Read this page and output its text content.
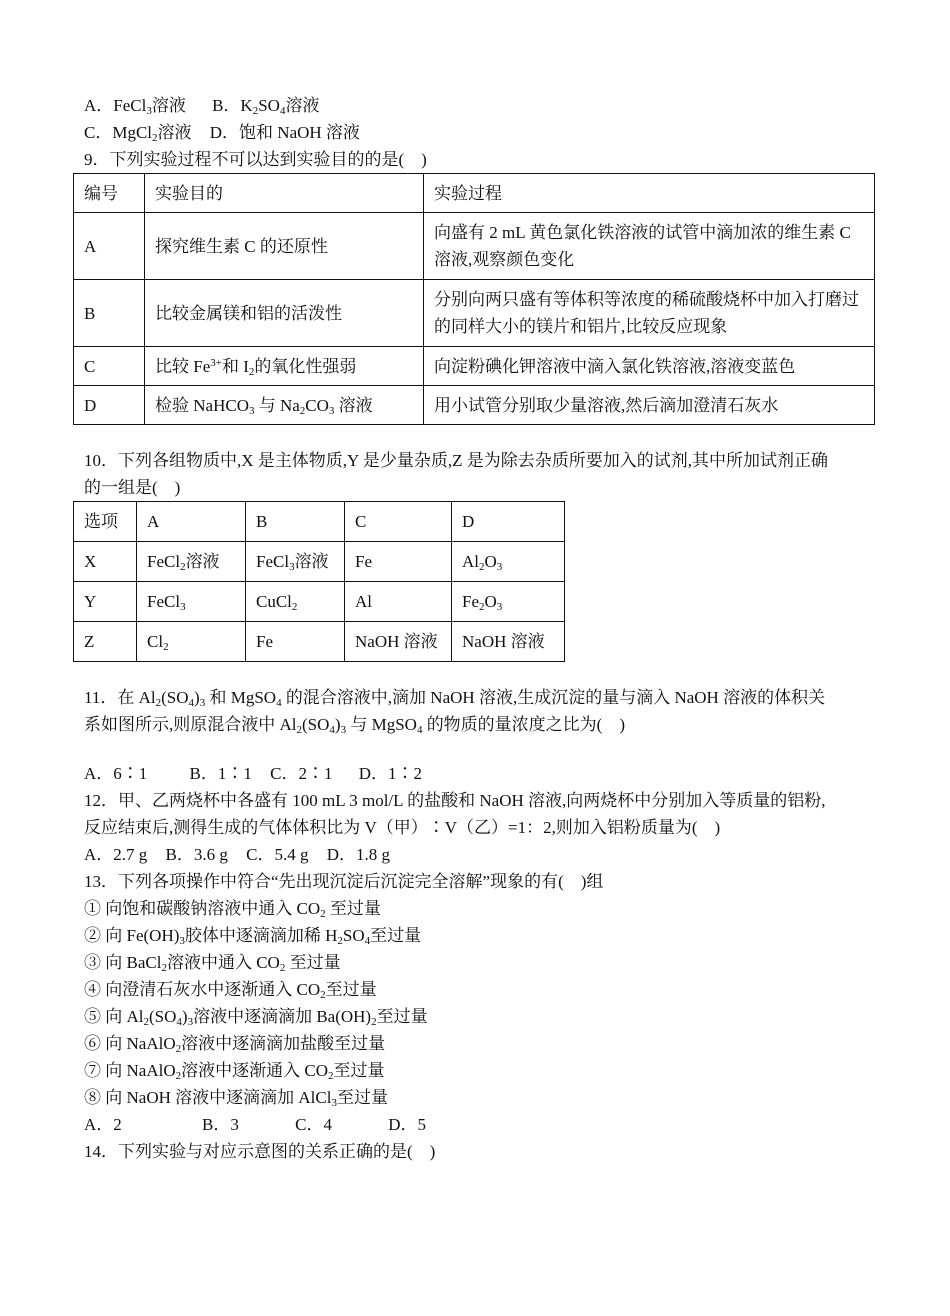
A．FeCl$_3$溶液 B．$K_2SO_4$溶液
C．MgCl$_2$溶液 D．饱和 NaOH 溶液
9．下列实验过程不可以达到实验目的的是(　)
编号	实验目的	实验过程
A	探究维生素 C 的还原性	向盛有 2 mL 黄色氯化铁溶液的试管中滴加浓的维生素 C 溶液,观察颜色变化
B	比较金属镁和铝的活泼性	分别向两只盛有等体积等浓度的稀硫酸烧杯中加入打磨过的同样大小的镁片和铝片,比较反应现象
C	比较 $Fe^{3+}$和 $I_2$的氧化性强弱	向淀粉碘化钾溶液中滴入氯化铁溶液,溶液变蓝色
D	检验 NaHCO$_3$ 与 $Na_2CO_3$ 溶液	用小试管分别取少量溶液,然后滴加澄清石灰水
10．下列各组物质中,X 是主体物质,Y 是少量杂质,Z 是为除去杂质所要加入的试剂,其中所加试剂正确
的一组是(　)
选项	A	B	C	D
X	FeCl$_2$溶液	FeCl$_3$溶液	Fe	$Al_2O_3$
Y	FeCl$_3$	CuCl$_2$	Al	$Fe_2O_3$
Z	$Cl_2$	Fe	NaOH 溶液	NaOH 溶液
11．在 $Al_2(SO_4)_3$ 和 MgSO$_4$ 的混合溶液中,滴加 NaOH 溶液,生成沉淀的量与滴入 NaOH 溶液的体积关
系如图所示,则原混合液中 $Al_2(SO_4)_3$ 与 MgSO$_4$ 的物质的量浓度之比为(　)
A．6∶1 B．1∶1 C．2∶1 D．1∶2
12．甲、乙两烧杯中各盛有 100 mL 3 mol/L 的盐酸和 NaOH 溶液,向两烧杯中分别加入等质量的铝粉,
反应结束后,测得生成的气体体积比为 V（甲）∶V（乙）=1：2,则加入铝粉质量为(　)
A．2.7 g B．3.6 g C．5.4 g D．1.8 g
13．下列各项操作中符合“先出现沉淀后沉淀完全溶解”现象的有(　)组
① 向饱和碳酸钠溶液中通入 $CO_2$ 至过量
② 向 $Fe(OH)_3$胶体中逐滴滴加稀 $H_2SO_4$至过量
③ 向 BaCl$_2$溶液中通入 $CO_2$ 至过量
④ 向澄清石灰水中逐渐通入 $CO_2$至过量
⑤ 向 $Al_2(SO_4)_3$溶液中逐滴滴加 $Ba(OH)_2$至过量
⑥ 向 NaAlO$_2$溶液中逐滴滴加盐酸至过量
⑦ 向 NaAlO$_2$溶液中逐渐通入 $CO_2$至过量
⑧ 向 NaOH 溶液中逐滴滴加 AlCl$_3$至过量
A．2	B．3	C．4	D．5
14．下列实验与对应示意图的关系正确的是(　)
